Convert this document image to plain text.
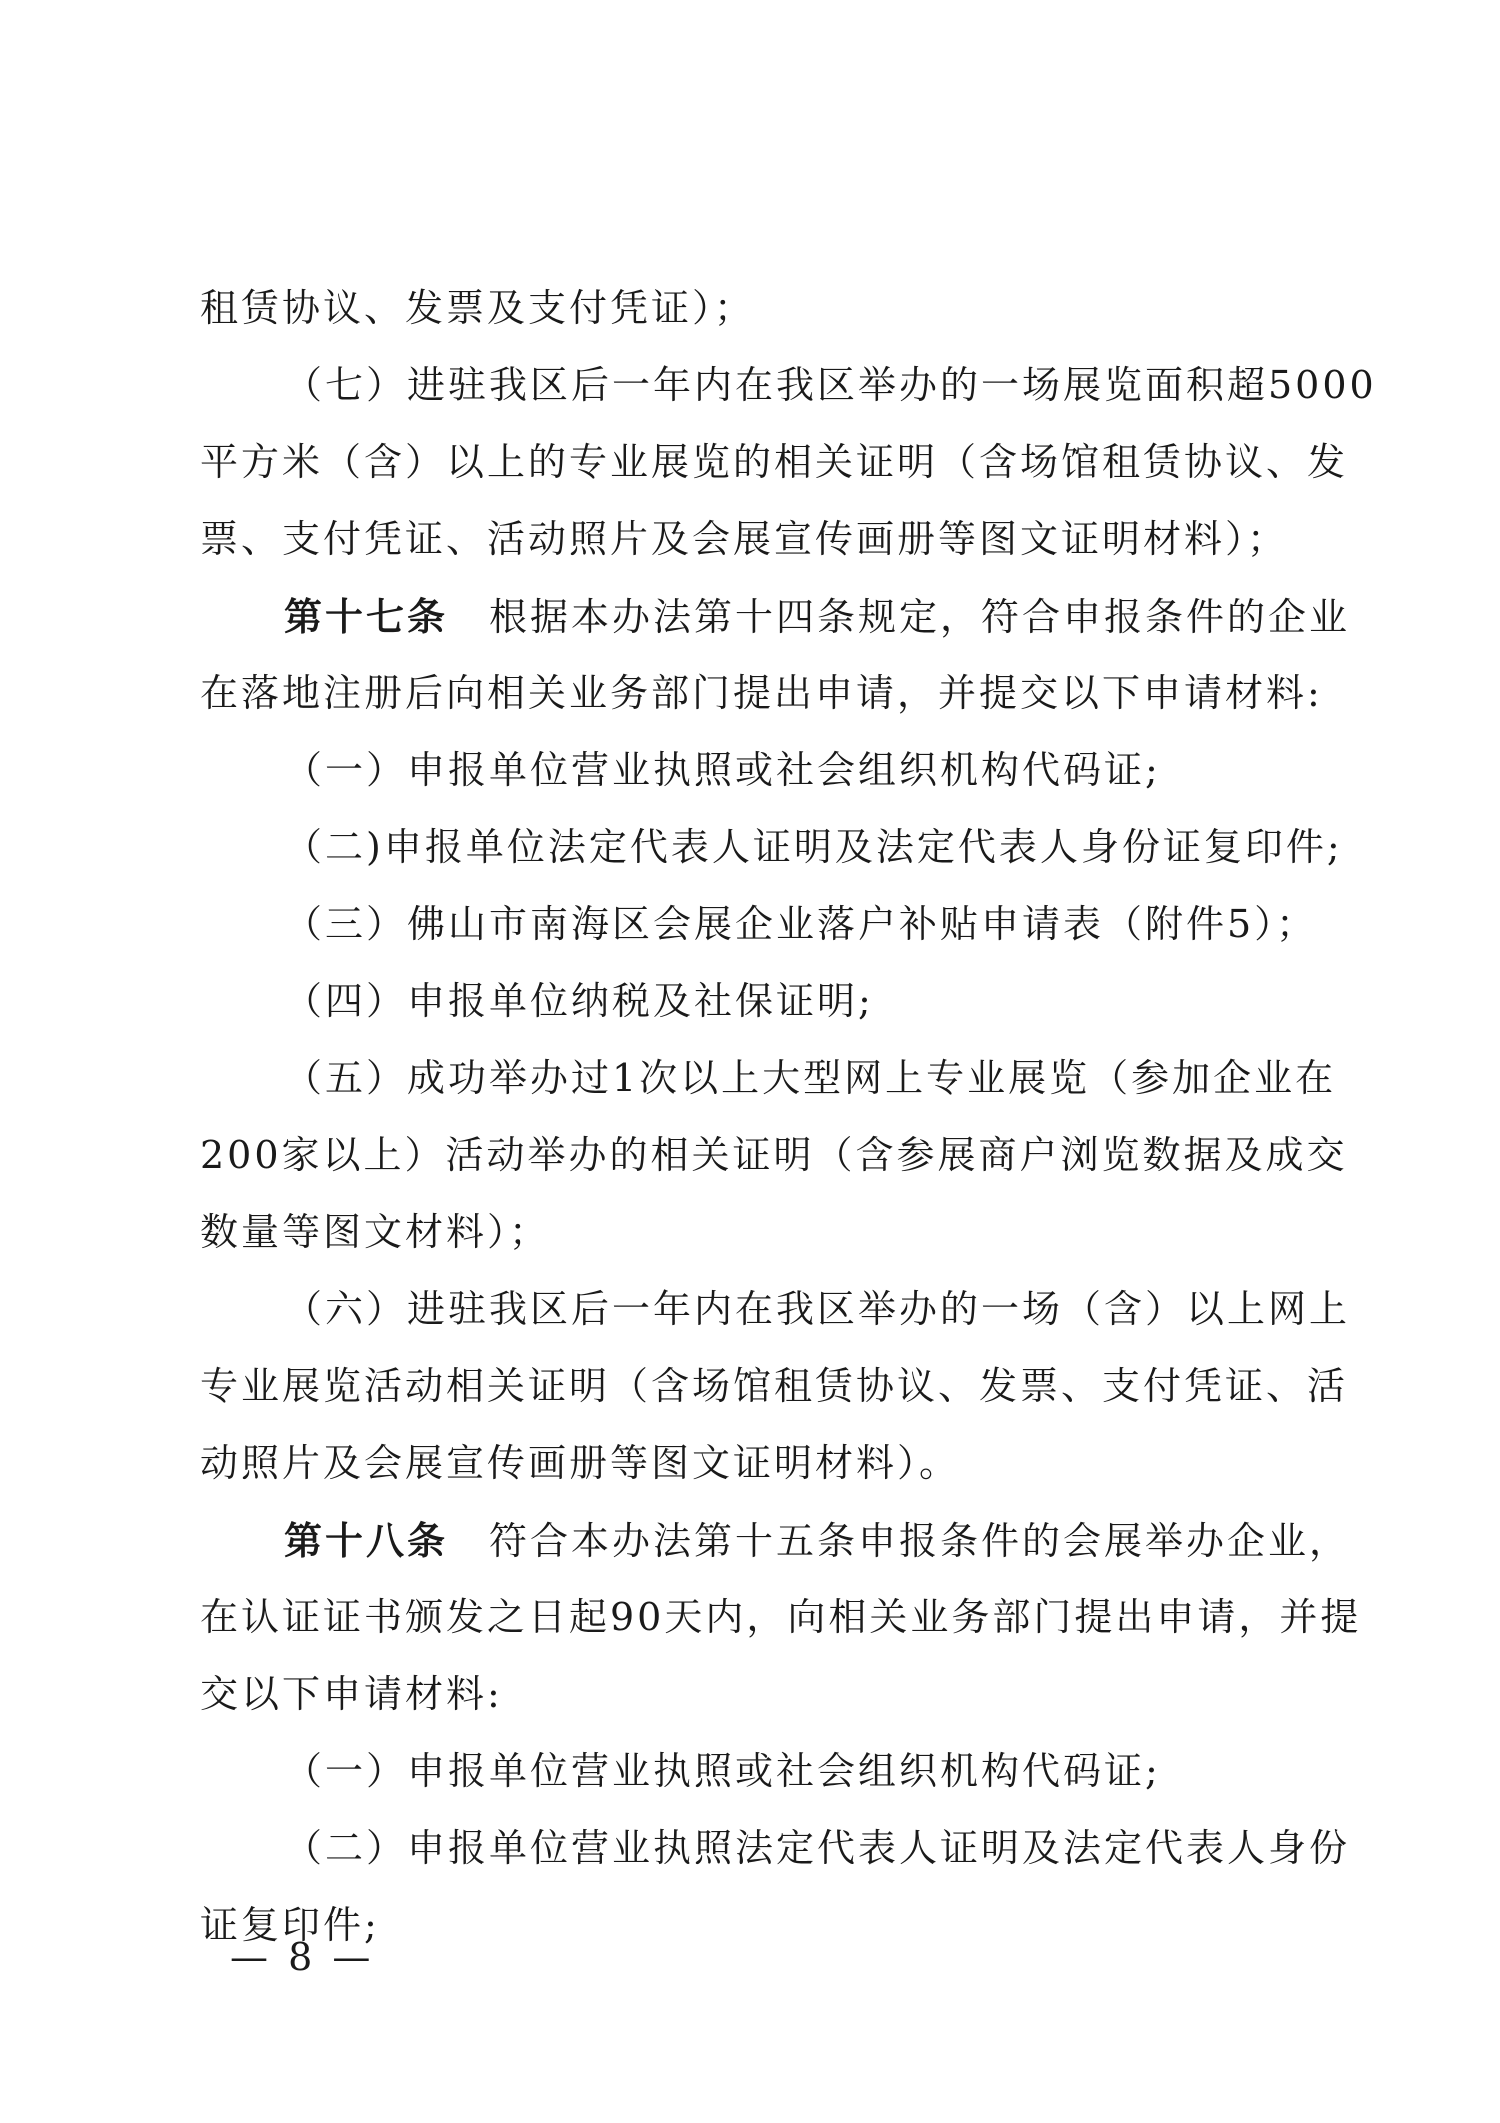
租赁协议、发票及支付凭证）；
（七）进驻我区后一年内在我区举办的一场展览面积超5000
平方米（含）以上的专业展览的相关证明（含场馆租赁协议、发
票、支付凭证、活动照片及会展宣传画册等图文证明材料）；
第十七条　根据本办法第十四条规定，符合申报条件的企业
在落地注册后向相关业务部门提出申请，并提交以下申请材料:
（一）申报单位营业执照或社会组织机构代码证;
（二)申报单位法定代表人证明及法定代表人身份证复印件;
（三）佛山市南海区会展企业落户补贴申请表（附件5）；
（四）申报单位纳税及社保证明;
（五）成功举办过1次以上大型网上专业展览（参加企业在
200家以上）活动举办的相关证明（含参展商户浏览数据及成交
数量等图文材料）；
（六）进驻我区后一年内在我区举办的一场（含）以上网上
专业展览活动相关证明（含场馆租赁协议、发票、支付凭证、活
动照片及会展宣传画册等图文证明材料）。
第十八条　符合本办法第十五条申报条件的会展举办企业，
在认证证书颁发之日起90天内，向相关业务部门提出申请，并提
交以下申请材料:
（一）申报单位营业执照或社会组织机构代码证;
（二）申报单位营业执照法定代表人证明及法定代表人身份
证复印件;
— 8 —
